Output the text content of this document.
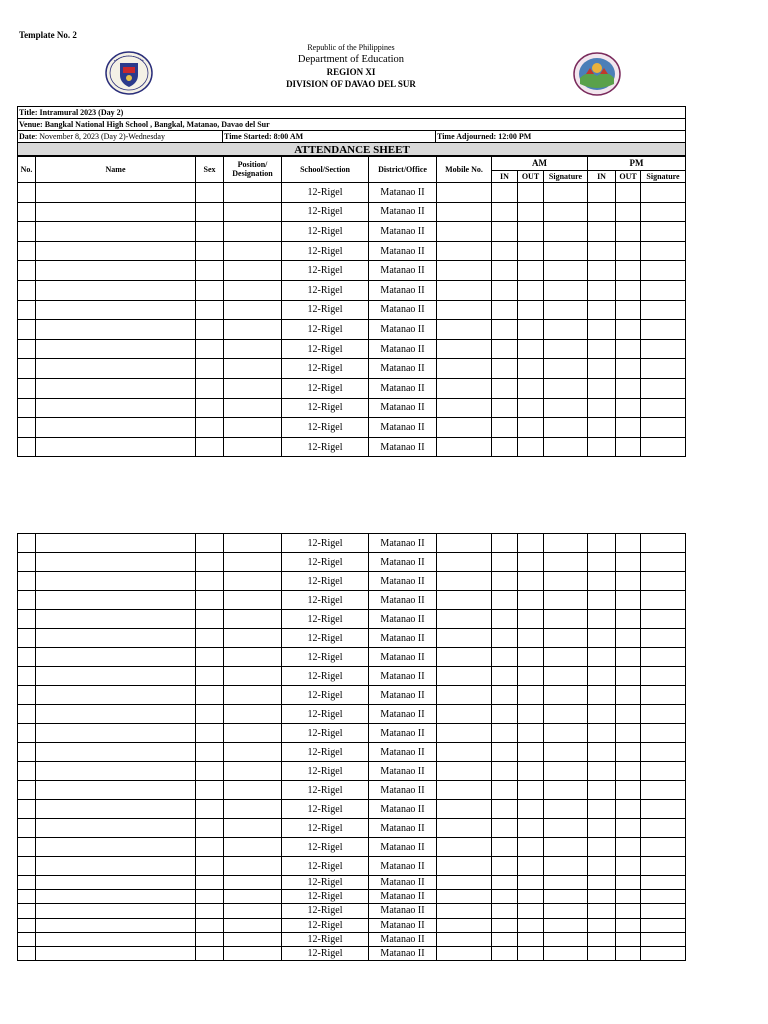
Template No. 2
Republic of the Philippines
Department of Education
REGION XI
DIVISION OF DAVAO DEL SUR
Title: Intramural 2023 (Day 2)
Venue: Bangkal National High School , Bangkal, Matanao, Davao del Sur
Date: November 8, 2023 (Day 2)-Wednesday	Time Started: 8:00 AM	Time Adjourned: 12:00 PM
ATTENDANCE SHEET
No.	Name	Sex	Position/
Designation	School/Section	District/Office	Mobile No.	AM			PM		
							IN	OUT	Signature	IN	OUT	Signature
				12-Rigel	Matanao II							
				12-Rigel	Matanao II							
				12-Rigel	Matanao II							
				12-Rigel	Matanao II							
				12-Rigel	Matanao II							
				12-Rigel	Matanao II							
				12-Rigel	Matanao II							
				12-Rigel	Matanao II							
				12-Rigel	Matanao II							
				12-Rigel	Matanao II							
				12-Rigel	Matanao II							
				12-Rigel	Matanao II							
				12-Rigel	Matanao II							
				12-Rigel	Matanao II							
				12-Rigel	Matanao II							
				12-Rigel	Matanao II							
				12-Rigel	Matanao II							
				12-Rigel	Matanao II							
				12-Rigel	Matanao II							
				12-Rigel	Matanao II							
				12-Rigel	Matanao II							
				12-Rigel	Matanao II							
				12-Rigel	Matanao II							
				12-Rigel	Matanao II							
				12-Rigel	Matanao II							
				12-Rigel	Matanao II							
				12-Rigel	Matanao II							
				12-Rigel	Matanao II							
				12-Rigel	Matanao II							
				12-Rigel	Matanao II							
				12-Rigel	Matanao II							
				12-Rigel	Matanao II							
				12-Rigel	Matanao II							
				12-Rigel	Matanao II							
				12-Rigel	Matanao II							
				12-Rigel	Matanao II							
				12-Rigel	Matanao II							
				12-Rigel	Matanao II							
